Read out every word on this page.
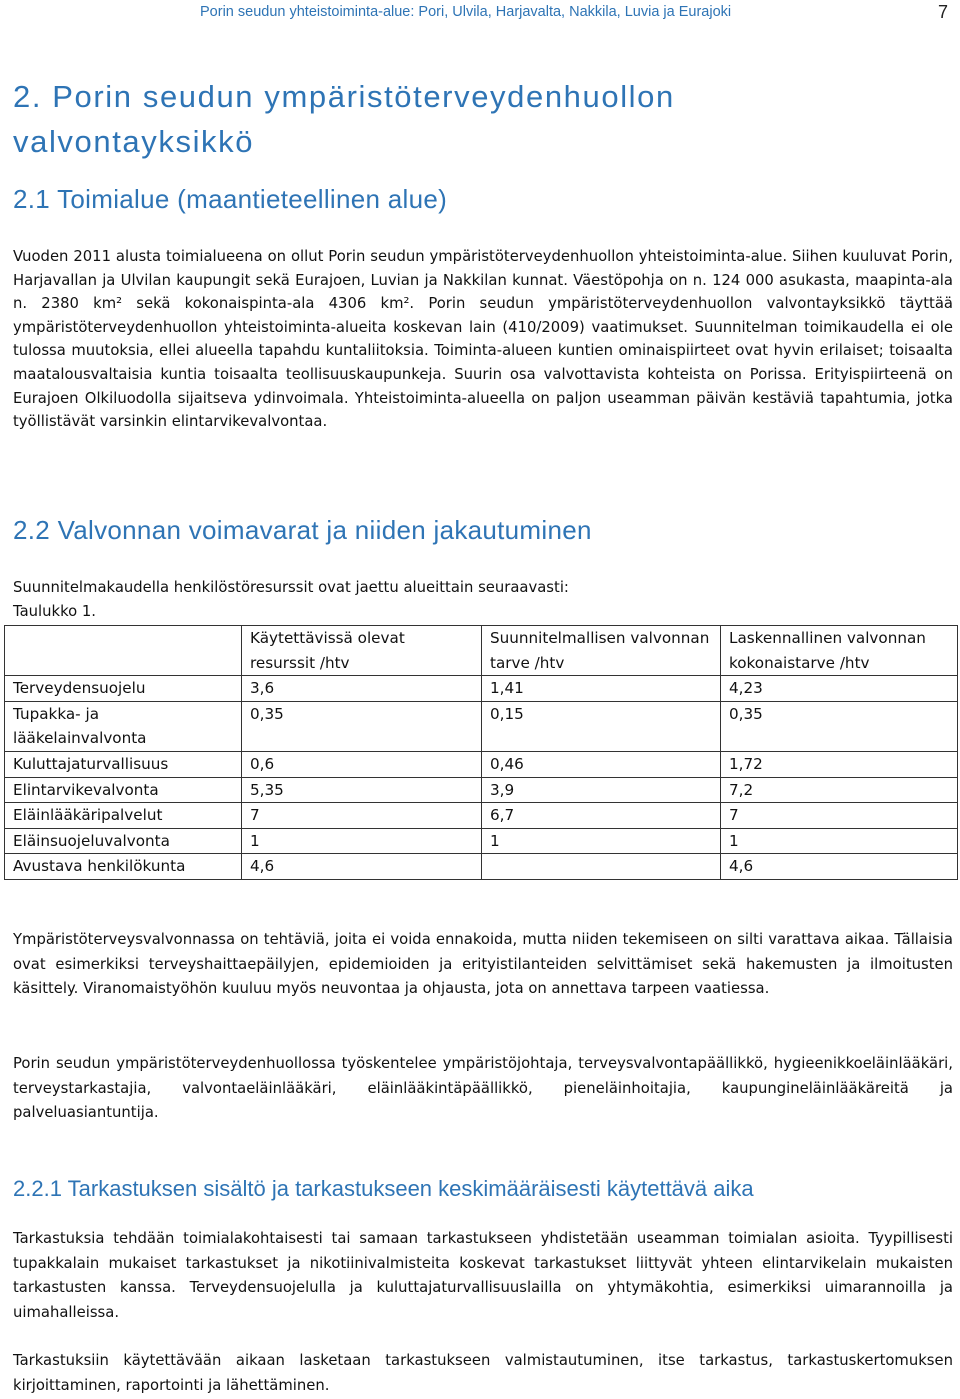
Porin seudun yhteistoiminta-alue: Pori, Ulvila, Harjavalta, Nakkila, Luvia ja Eurajoki	7
2. Porin seudun ympäristöterveydenhuollon valvontayksikkö
2.1 Toimialue (maantieteellinen alue)
Vuoden 2011 alusta toimialueena on ollut Porin seudun ympäristöterveydenhuollon yhteistoiminta-alue. Siihen kuuluvat Porin, Harjavallan ja Ulvilan kaupungit sekä Eurajoen, Luvian ja Nakkilan kunnat. Väestöpohja on n. 124 000 asukasta, maapinta-ala n. 2380 km² sekä kokonaispinta-ala 4306 km². Porin seudun ympäristöterveydenhuollon valvontayksikkö täyttää ympäristöterveydenhuollon yhteistoiminta-alueita koskevan lain (410/2009) vaatimukset. Suunnitelman toimikaudella ei ole tulossa muutoksia, ellei alueella tapahdu kuntaliitoksia. Toiminta-alueen kuntien ominaispiirteet ovat hyvin erilaiset; toisaalta maatalousvaltaisia kuntia toisaalta teollisuuskaupunkeja. Suurin osa valvottavista kohteista on Porissa. Erityispiirteenä on Eurajoen Olkiluodolla sijaitseva ydinvoimala. Yhteistoiminta-alueella on paljon useamman päivän kestäviä tapahtumia, jotka työllistävät varsinkin elintarvikevalvontaa.
2.2 Valvonnan voimavarat ja niiden jakautuminen
Suunnitelmakaudella henkilöstöresurssit ovat jaettu alueittain seuraavasti:
Taulukko 1.
	Käytettävissä olevat resurssit /htv	Suunnitelmallisen valvonnan tarve /htv	Laskennallinen valvonnan kokonaistarve /htv
Terveydensuojelu	3,6	1,41	4,23
Tupakka- ja lääkelainvalvonta	0,35	0,15	0,35
Kuluttajaturvallisuus	0,6	0,46	1,72
Elintarvikevalvonta	5,35	3,9	7,2
Eläinlääkäripalvelut	7	6,7	7
Eläinsuojeluvalvonta	1	1	1
Avustava henkilökunta	4,6		4,6
Ympäristöterveysvalvonnassa on tehtäviä, joita ei voida ennakoida, mutta niiden tekemiseen on silti varattava aikaa. Tällaisia ovat esimerkiksi terveyshaittaepäilyjen, epidemioiden ja erityistilanteiden selvittämiset sekä hakemusten ja ilmoitusten käsittely. Viranomaistyöhön kuuluu myös neuvontaa ja ohjausta, jota on annettava tarpeen vaatiessa.
Porin seudun ympäristöterveydenhuollossa työskentelee ympäristöjohtaja, terveysvalvontapäällikkö, hygieenikkoeläinlääkäri, terveystarkastajia, valvontaeläinlääkäri, eläinlääkintäpäällikkö, pieneläinhoitajia, kaupungineläinlääkäreitä ja palveluasiantuntija.
2.2.1 Tarkastuksen sisältö ja tarkastukseen keskimääräisesti käytettävä aika
Tarkastuksia tehdään toimialakohtaisesti tai samaan tarkastukseen yhdistetään useamman toimialan asioita. Tyypillisesti tupakkalain mukaiset tarkastukset ja nikotiinivalmisteita koskevat tarkastukset liittyvät yhteen elintarvikelain mukaisten tarkastusten kanssa. Terveydensuojelulla ja kuluttajaturvallisuuslailla on yhtymäkohtia, esimerkiksi uimarannoilla ja uimahalleissa.
Tarkastuksiin käytettävään aikaan lasketaan tarkastukseen valmistautuminen, itse tarkastus, tarkastuskertomuksen kirjoittaminen, raportointi ja lähettäminen.
